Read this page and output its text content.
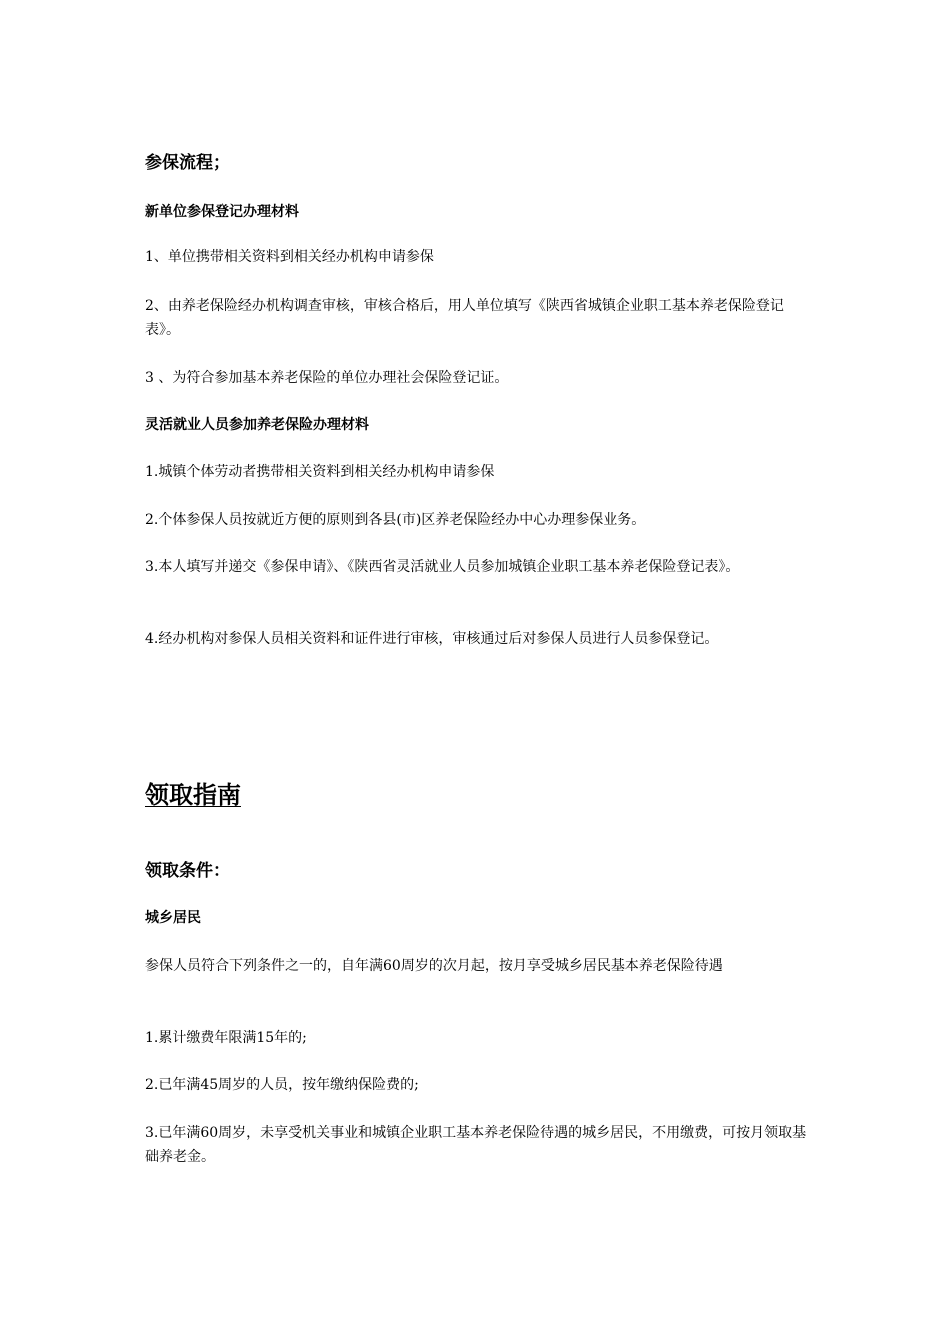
参保流程；
新单位参保登记办理材料

1、单位携带相关资料到相关经办机构申请参保

2、由养老保险经办机构调查审核，审核合格后，用人单位填写《陕西省城镇企业职工基本养老保险登记表》。

3 、为符合参加基本养老保险的单位办理社会保险登记证。

灵活就业人员参加养老保险办理材料

1.城镇个体劳动者携带相关资料到相关经办机构申请参保

2.个体参保人员按就近方便的原则到各县(市)区养老保险经办中心办理参保业务。

3.本人填写并递交《参保申请》、《陕西省灵活就业人员参加城镇企业职工基本养老保险登记表》。

4.经办机构对参保人员相关资料和证件进行审核，审核通过后对参保人员进行人员参保登记。

领取指南
领取条件：
城乡居民

参保人员符合下列条件之一的，自年满60周岁的次月起，按月享受城乡居民基本养老保险待遇

1.累计缴费年限满15年的;

2.已年满45周岁的人员，按年缴纳保险费的;

3.已年满60周岁，未享受机关事业和城镇企业职工基本养老保险待遇的城乡居民，不用缴费，可按月领取基础养老金。
